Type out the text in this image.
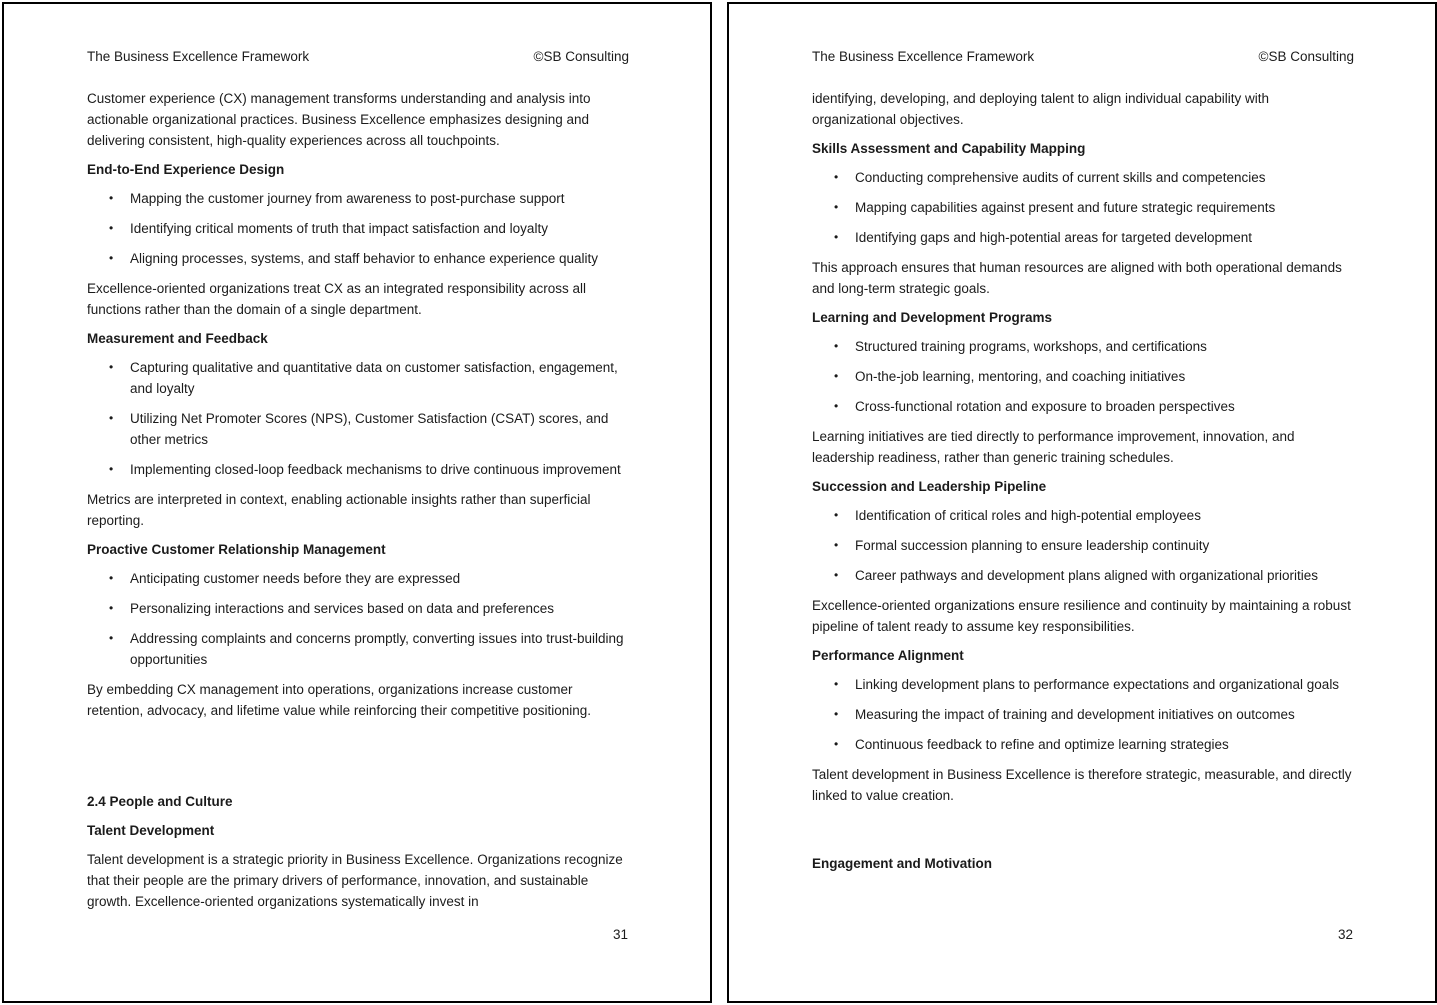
The Business Excellence Framework	©SB Consulting

Customer experience (CX) management transforms understanding and analysis into actionable organizational practices. Business Excellence emphasizes designing and delivering consistent, high-quality experiences across all touchpoints.

End-to-End Experience Design
• Mapping the customer journey from awareness to post-purchase support
• Identifying critical moments of truth that impact satisfaction and loyalty
• Aligning processes, systems, and staff behavior to enhance experience quality

Excellence-oriented organizations treat CX as an integrated responsibility across all functions rather than the domain of a single department.

Measurement and Feedback
• Capturing qualitative and quantitative data on customer satisfaction, engagement, and loyalty
• Utilizing Net Promoter Scores (NPS), Customer Satisfaction (CSAT) scores, and other metrics
• Implementing closed-loop feedback mechanisms to drive continuous improvement

Metrics are interpreted in context, enabling actionable insights rather than superficial reporting.

Proactive Customer Relationship Management
• Anticipating customer needs before they are expressed
• Personalizing interactions and services based on data and preferences
• Addressing complaints and concerns promptly, converting issues into trust-building opportunities

By embedding CX management into operations, organizations increase customer retention, advocacy, and lifetime value while reinforcing their competitive positioning.

2.4 People and Culture
Talent Development

Talent development is a strategic priority in Business Excellence. Organizations recognize that their people are the primary drivers of performance, innovation, and sustainable growth. Excellence-oriented organizations systematically invest in

31
The Business Excellence Framework	©SB Consulting

identifying, developing, and deploying talent to align individual capability with organizational objectives.

Skills Assessment and Capability Mapping
• Conducting comprehensive audits of current skills and competencies
• Mapping capabilities against present and future strategic requirements
• Identifying gaps and high-potential areas for targeted development

This approach ensures that human resources are aligned with both operational demands and long-term strategic goals.

Learning and Development Programs
• Structured training programs, workshops, and certifications
• On-the-job learning, mentoring, and coaching initiatives
• Cross-functional rotation and exposure to broaden perspectives

Learning initiatives are tied directly to performance improvement, innovation, and leadership readiness, rather than generic training schedules.

Succession and Leadership Pipeline
• Identification of critical roles and high-potential employees
• Formal succession planning to ensure leadership continuity
• Career pathways and development plans aligned with organizational priorities

Excellence-oriented organizations ensure resilience and continuity by maintaining a robust pipeline of talent ready to assume key responsibilities.

Performance Alignment
• Linking development plans to performance expectations and organizational goals
• Measuring the impact of training and development initiatives on outcomes
• Continuous feedback to refine and optimize learning strategies

Talent development in Business Excellence is therefore strategic, measurable, and directly linked to value creation.

Engagement and Motivation
32
